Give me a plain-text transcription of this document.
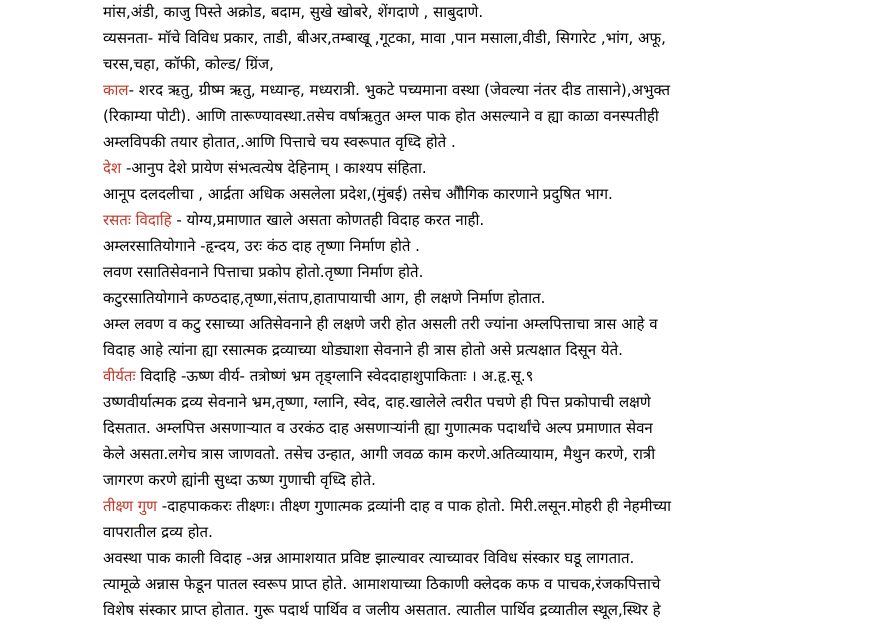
मांस,अंडी, काजु पिस्ते अक्रोड, बदाम, सुखे खोबरे, शेंगदाणे , साबुदाणे.
व्यसनता- मॉचे विविध प्रकार, ताडी, बीअर,तम्बाखू ,गूटका, मावा ,पान मसाला,वीडी, सिगारेट ,भांग, अफू,
चरस,चहा, कॉफी, कोल्ड/ ग्रिंज,
काल- शरद ऋतु, ग्रीष्म ऋतु, मध्यान्ह, मध्यरात्री. भुकटे पच्यमाना वस्था (जेवल्या नंतर दीड तासाने),अभुक्त
(रिकाम्या पोटी). आणि तारूण्यावस्था.तसेच वर्षाऋतुत अम्ल पाक होत असल्याने व ह्या काळा वनस्पतीही
अम्लविपकी तयार होतात,.आणि पित्ताचे चय स्वरूपात वृध्दि होते .
देश -आनुप देशे प्रायेण संभत्वत्येष देहिनाम् । काश्यप संहिता.
आनूप दलदलीचा , आर्द्रता अधिक असलेला प्रदेश,(मुंबई) तसेच औौगिक कारणाने प्रदुषित भाग.
रसतः विदाहि - योग्य,प्रमाणात खाले असता कोणतही विदाह करत नाही.
अम्लरसातियोगाने -हृन्दय, उरः कंठ दाह तृष्णा निर्माण होते .
लवण रसातिसेवनाने पित्ताचा प्रकोप होतो.तृष्णा निर्माण होते.
कटुरसातियोगाने कण्ठदाह,तृष्णा,संताप,हातापायाची आग, ही लक्षणे निर्माण होतात.
अम्ल लवण व कटु रसाच्या अतिसेवनाने ही लक्षणे जरी होत असली तरी ज्यांना अम्लपित्ताचा त्रास आहे व
विदाह आहे त्यांना ह्या रसात्मक द्रव्याच्या थोड्याशा सेवनाने ही त्रास होतो असे प्रत्यक्षात दिसून येते.
वीर्यतः विदाहि -ऊष्ण वीर्य- तत्रोष्णं भ्रम तृड्ग्लानि स्वेददाहाशुपाकिताः । अ.हृ.सू.९
उष्णवीर्यात्मक द्रव्य सेवनाने भ्रम,तृष्णा, ग्लानि, स्वेद, दाह.खालेले त्वरीत पचणे ही पित्त प्रकोपाची लक्षणे
दिसतात. अम्लपित्त असणाऱ्यात व उरकंठ दाह असणाऱ्यांनी ह्या गुणात्मक पदार्थांचे अल्प प्रमाणात सेवन
केले असता.लगेच त्रास जाणवतो. तसेच उन्हात, आगी जवळ काम करणे.अतिव्यायाम, मैथुन करणे, रात्री
जागरण करणे ह्यांनी सुध्दा ऊष्ण गुणाची वृध्दि होते.
तीक्ष्ण गुण -दाहपाककरः तीक्ष्णः। तीक्ष्ण गुणात्मक द्रव्यांनी दाह व पाक होतो. मिरी.लसून.मोहरी ही नेहमीच्या
वापरातील द्रव्य होत.
अवस्था पाक काली विदाह -अन्न आमाशयात प्रविष्ट झाल्यावर त्याच्यावर विविध संस्कार घडू लागतात.
त्यामूळे अन्नास फेडून पातल स्वरूप प्राप्त होते. आमाशयाच्या ठिकाणी क्लेदक कफ व पाचक,रंजकपित्ताचे
विशेष संस्कार प्राप्त होतात. गुरू पदार्थ पार्थिव व जलीय असतात. त्यातील पार्थिव द्रव्यातील स्थूल,स्थिर हे
